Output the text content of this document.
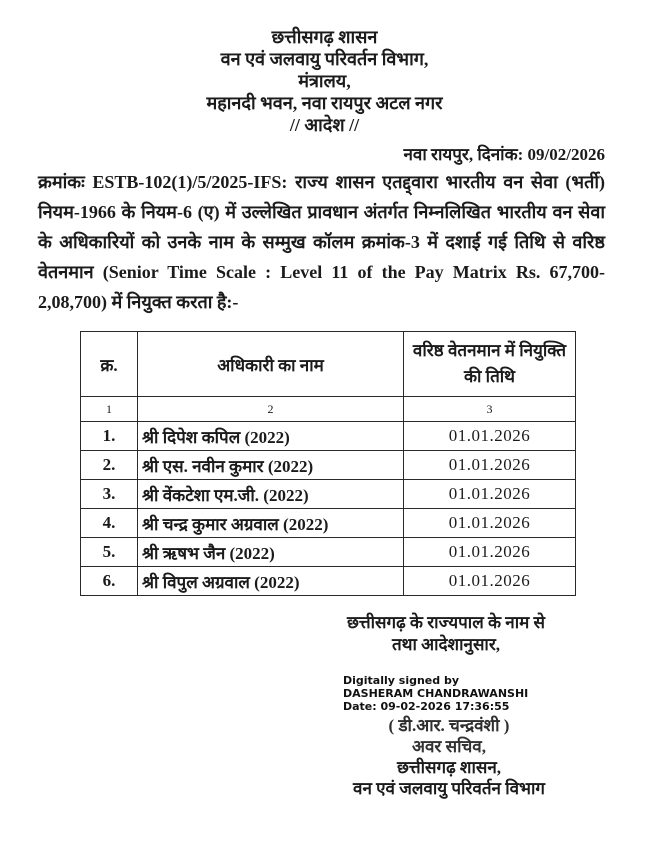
छत्तीसगढ़ शासन
वन एवं जलवायु परिवर्तन विभाग,
मंत्रालय,
महानदी भवन, नवा रायपुर अटल नगर
// आदेश //
नवा रायपुर, दिनांक: 09/02/2026
क्रमांकः ESTB-102(1)/5/2025-IFS: राज्य शासन एतद्द्वारा भारतीय वन सेवा (भर्ती)
नियम-1966 के नियम-6 (ए) में उल्लेखित प्रावधान अंतर्गत निम्नलिखित भारतीय वन सेवा
के अधिकारियों को उनके नाम के सम्मुख कॉलम क्रमांक-3 में दशाई गई तिथि से वरिष्ठ
वेतनमान (Senior Time Scale : Level 11 of the Pay Matrix Rs. 67,700-
2,08,700) में नियुक्त करता है:-
क्र.	अधिकारी का नाम	वरिष्ठ वेतनमान में नियुक्ति की तिथि
1	2	3
1.	श्री दिपेश कपिल (2022)	01.01.2026
2.	श्री एस. नवीन कुमार (2022)	01.01.2026
3.	श्री वेंकटेशा एम.जी. (2022)	01.01.2026
4.	श्री चन्द्र कुमार अग्रवाल (2022)	01.01.2026
5.	श्री ऋषभ जैन (2022)	01.01.2026
6.	श्री विपुल अग्रवाल (2022)	01.01.2026
छत्तीसगढ़ के राज्यपाल के नाम से
तथा आदेशानुसार,
Digitally signed by
DASHERAM CHANDRAWANSHI
Date: 09-02-2026 17:36:55
( डी.आर. चन्द्रवंशी )
अवर सचिव,
छत्तीसगढ़ शासन,
वन एवं जलवायु परिवर्तन विभाग
